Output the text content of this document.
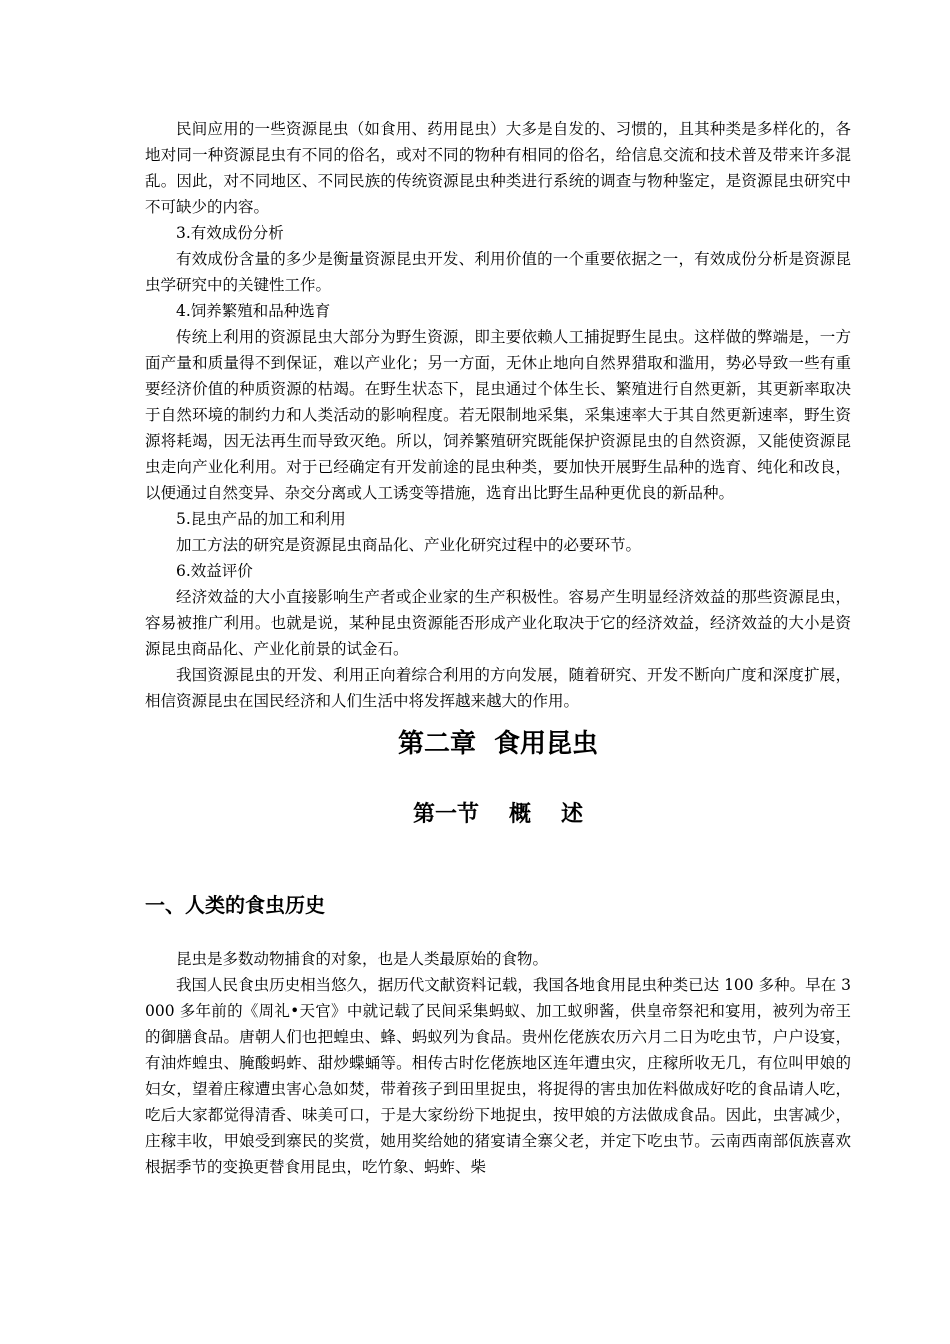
民间应用的一些资源昆虫（如食用、药用昆虫）大多是自发的、习惯的，且其种类是多样化的，各地对同一种资源昆虫有不同的俗名，或对不同的物种有相同的俗名，给信息交流和技术普及带来许多混乱。因此，对不同地区、不同民族的传统资源昆虫种类进行系统的调查与物种鉴定，是资源昆虫研究中不可缺少的内容。

3.有效成份分析

有效成份含量的多少是衡量资源昆虫开发、利用价值的一个重要依据之一，有效成份分析是资源昆虫学研究中的关键性工作。

4.饲养繁殖和品种选育

传统上利用的资源昆虫大部分为野生资源，即主要依赖人工捕捉野生昆虫。这样做的弊端是，一方面产量和质量得不到保证，难以产业化；另一方面，无休止地向自然界猎取和滥用，势必导致一些有重要经济价值的种质资源的枯竭。在野生状态下，昆虫通过个体生长、繁殖进行自然更新，其更新率取决于自然环境的制约力和人类活动的影响程度。若无限制地采集，采集速率大于其自然更新速率，野生资源将耗竭，因无法再生而导致灭绝。所以，饲养繁殖研究既能保护资源昆虫的自然资源，又能使资源昆虫走向产业化利用。对于已经确定有开发前途的昆虫种类，要加快开展野生品种的选育、纯化和改良，以便通过自然变异、杂交分离或人工诱变等措施，选育出比野生品种更优良的新品种。

5.昆虫产品的加工和利用

加工方法的研究是资源昆虫商品化、产业化研究过程中的必要环节。

6.效益评价

经济效益的大小直接影响生产者或企业家的生产积极性。容易产生明显经济效益的那些资源昆虫，容易被推广利用。也就是说，某种昆虫资源能否形成产业化取决于它的经济效益，经济效益的大小是资源昆虫商品化、产业化前景的试金石。

我国资源昆虫的开发、利用正向着综合利用的方向发展，随着研究、开发不断向广度和深度扩展，相信资源昆虫在国民经济和人们生活中将发挥越来越大的作用。

第二章  食用昆虫
第一节 概 述
一、人类的食虫历史

昆虫是多数动物捕食的对象，也是人类最原始的食物。

我国人民食虫历史相当悠久，据历代文献资料记载，我国各地食用昆虫种类已达 100 多种。早在 3000 多年前的《周礼•天官》中就记载了民间采集蚂蚁、加工蚁卵酱，供皇帝祭祀和宴用，被列为帝王的御膳食品。唐朝人们也把蝗虫、蜂、蚂蚁列为食品。贵州仡佬族农历六月二日为吃虫节，户户设宴，有油炸蝗虫、腌酸蚂蚱、甜炒蝶蛹等。相传古时仡佬族地区连年遭虫灾，庄稼所收无几，有位叫甲娘的妇女，望着庄稼遭虫害心急如焚，带着孩子到田里捉虫，将捉得的害虫加佐料做成好吃的食品请人吃，吃后大家都觉得清香、味美可口，于是大家纷纷下地捉虫，按甲娘的方法做成食品。因此，虫害减少，庄稼丰收，甲娘受到寨民的奖赏，她用奖给她的猪宴请全寨父老，并定下吃虫节。云南西南部佤族喜欢根据季节的变换更替食用昆虫，吃竹象、蚂蚱、柴
